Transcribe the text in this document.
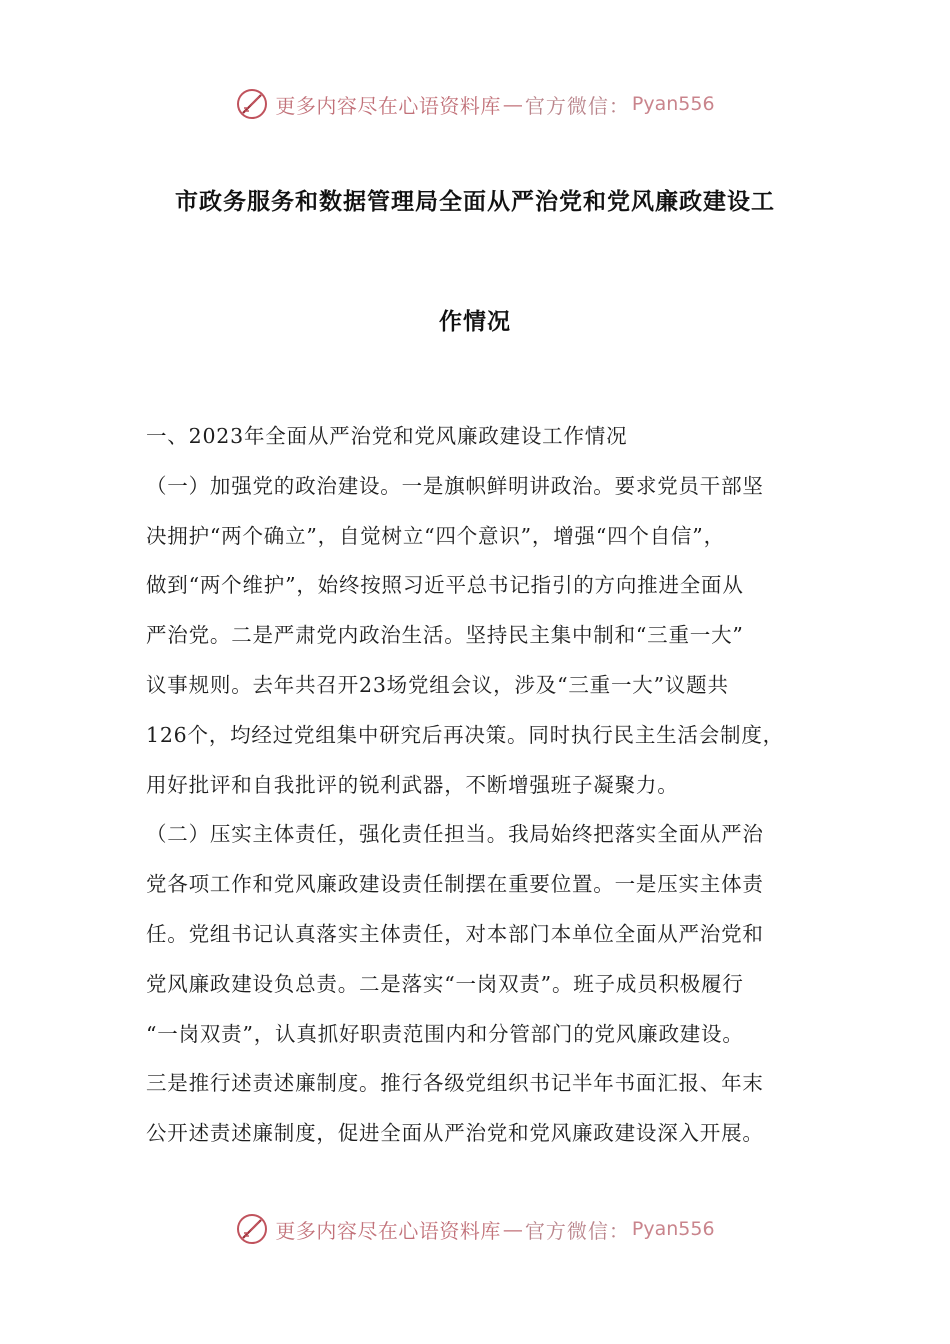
更多内容尽在心语资料库 — 官方微信： Pyan556
市政务服务和数据管理局全面从严治党和党风廉政建设工
作情况
一、2023年全面从严治党和党风廉政建设工作情况
（一）加强党的政治建设。一是旗帜鲜明讲政治。要求党员干部坚
决拥护“两个确立”，自觉树立“四个意识”，增强“四个自信”，
做到“两个维护”，始终按照习近平总书记指引的方向推进全面从
严治党。二是严肃党内政治生活。坚持民主集中制和“三重一大”
议事规则。去年共召开23场党组会议，涉及“三重一大”议题共
126个，均经过党组集中研究后再决策。同时执行民主生活会制度，
用好批评和自我批评的锐利武器，不断增强班子凝聚力。
（二）压实主体责任，强化责任担当。我局始终把落实全面从严治
党各项工作和党风廉政建设责任制摆在重要位置。一是压实主体责
任。党组书记认真落实主体责任，对本部门本单位全面从严治党和
党风廉政建设负总责。二是落实“一岗双责”。班子成员积极履行
“一岗双责”，认真抓好职责范围内和分管部门的党风廉政建设。
三是推行述责述廉制度。推行各级党组织书记半年书面汇报、年末
公开述责述廉制度，促进全面从严治党和党风廉政建设深入开展。
更多内容尽在心语资料库 — 官方微信： Pyan556
